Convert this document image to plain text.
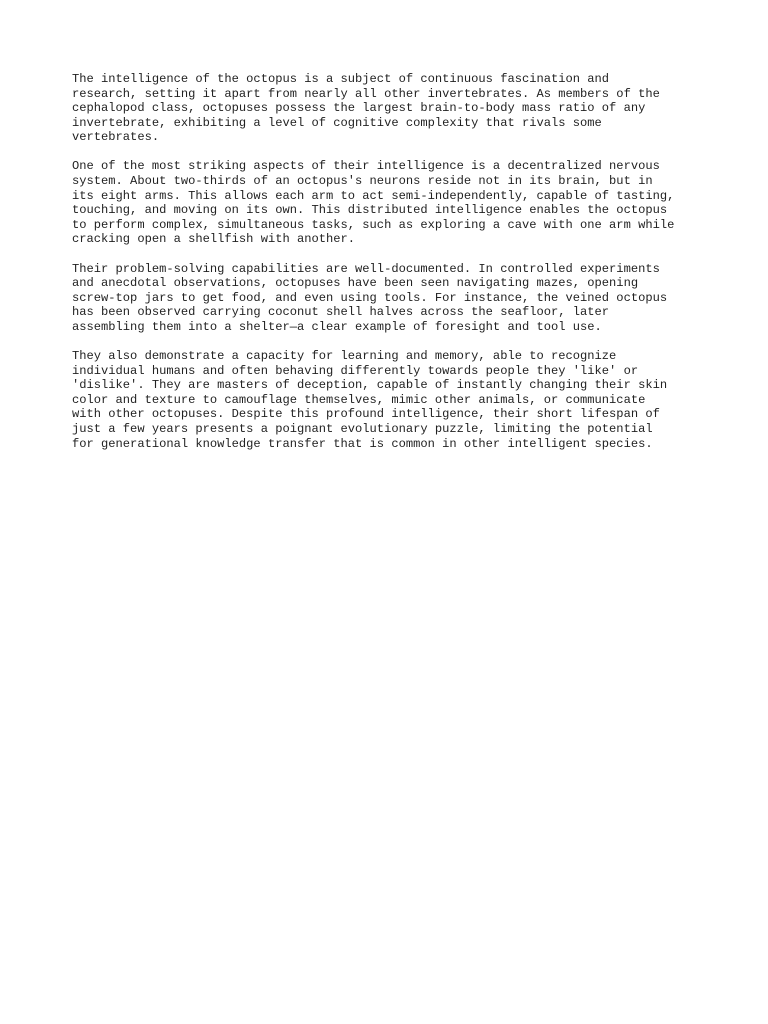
The intelligence of the octopus is a subject of continuous fascination and
research, setting it apart from nearly all other invertebrates. As members of the
cephalopod class, octopuses possess the largest brain-to-body mass ratio of any
invertebrate, exhibiting a level of cognitive complexity that rivals some
vertebrates.

One of the most striking aspects of their intelligence is a decentralized nervous
system. About two-thirds of an octopus's neurons reside not in its brain, but in
its eight arms. This allows each arm to act semi-independently, capable of tasting,
touching, and moving on its own. This distributed intelligence enables the octopus
to perform complex, simultaneous tasks, such as exploring a cave with one arm while
cracking open a shellfish with another.

Their problem-solving capabilities are well-documented. In controlled experiments
and anecdotal observations, octopuses have been seen navigating mazes, opening
screw-top jars to get food, and even using tools. For instance, the veined octopus
has been observed carrying coconut shell halves across the seafloor, later
assembling them into a shelter—a clear example of foresight and tool use.

They also demonstrate a capacity for learning and memory, able to recognize
individual humans and often behaving differently towards people they 'like' or
'dislike'. They are masters of deception, capable of instantly changing their skin
color and texture to camouflage themselves, mimic other animals, or communicate
with other octopuses. Despite this profound intelligence, their short lifespan of
just a few years presents a poignant evolutionary puzzle, limiting the potential
for generational knowledge transfer that is common in other intelligent species.
